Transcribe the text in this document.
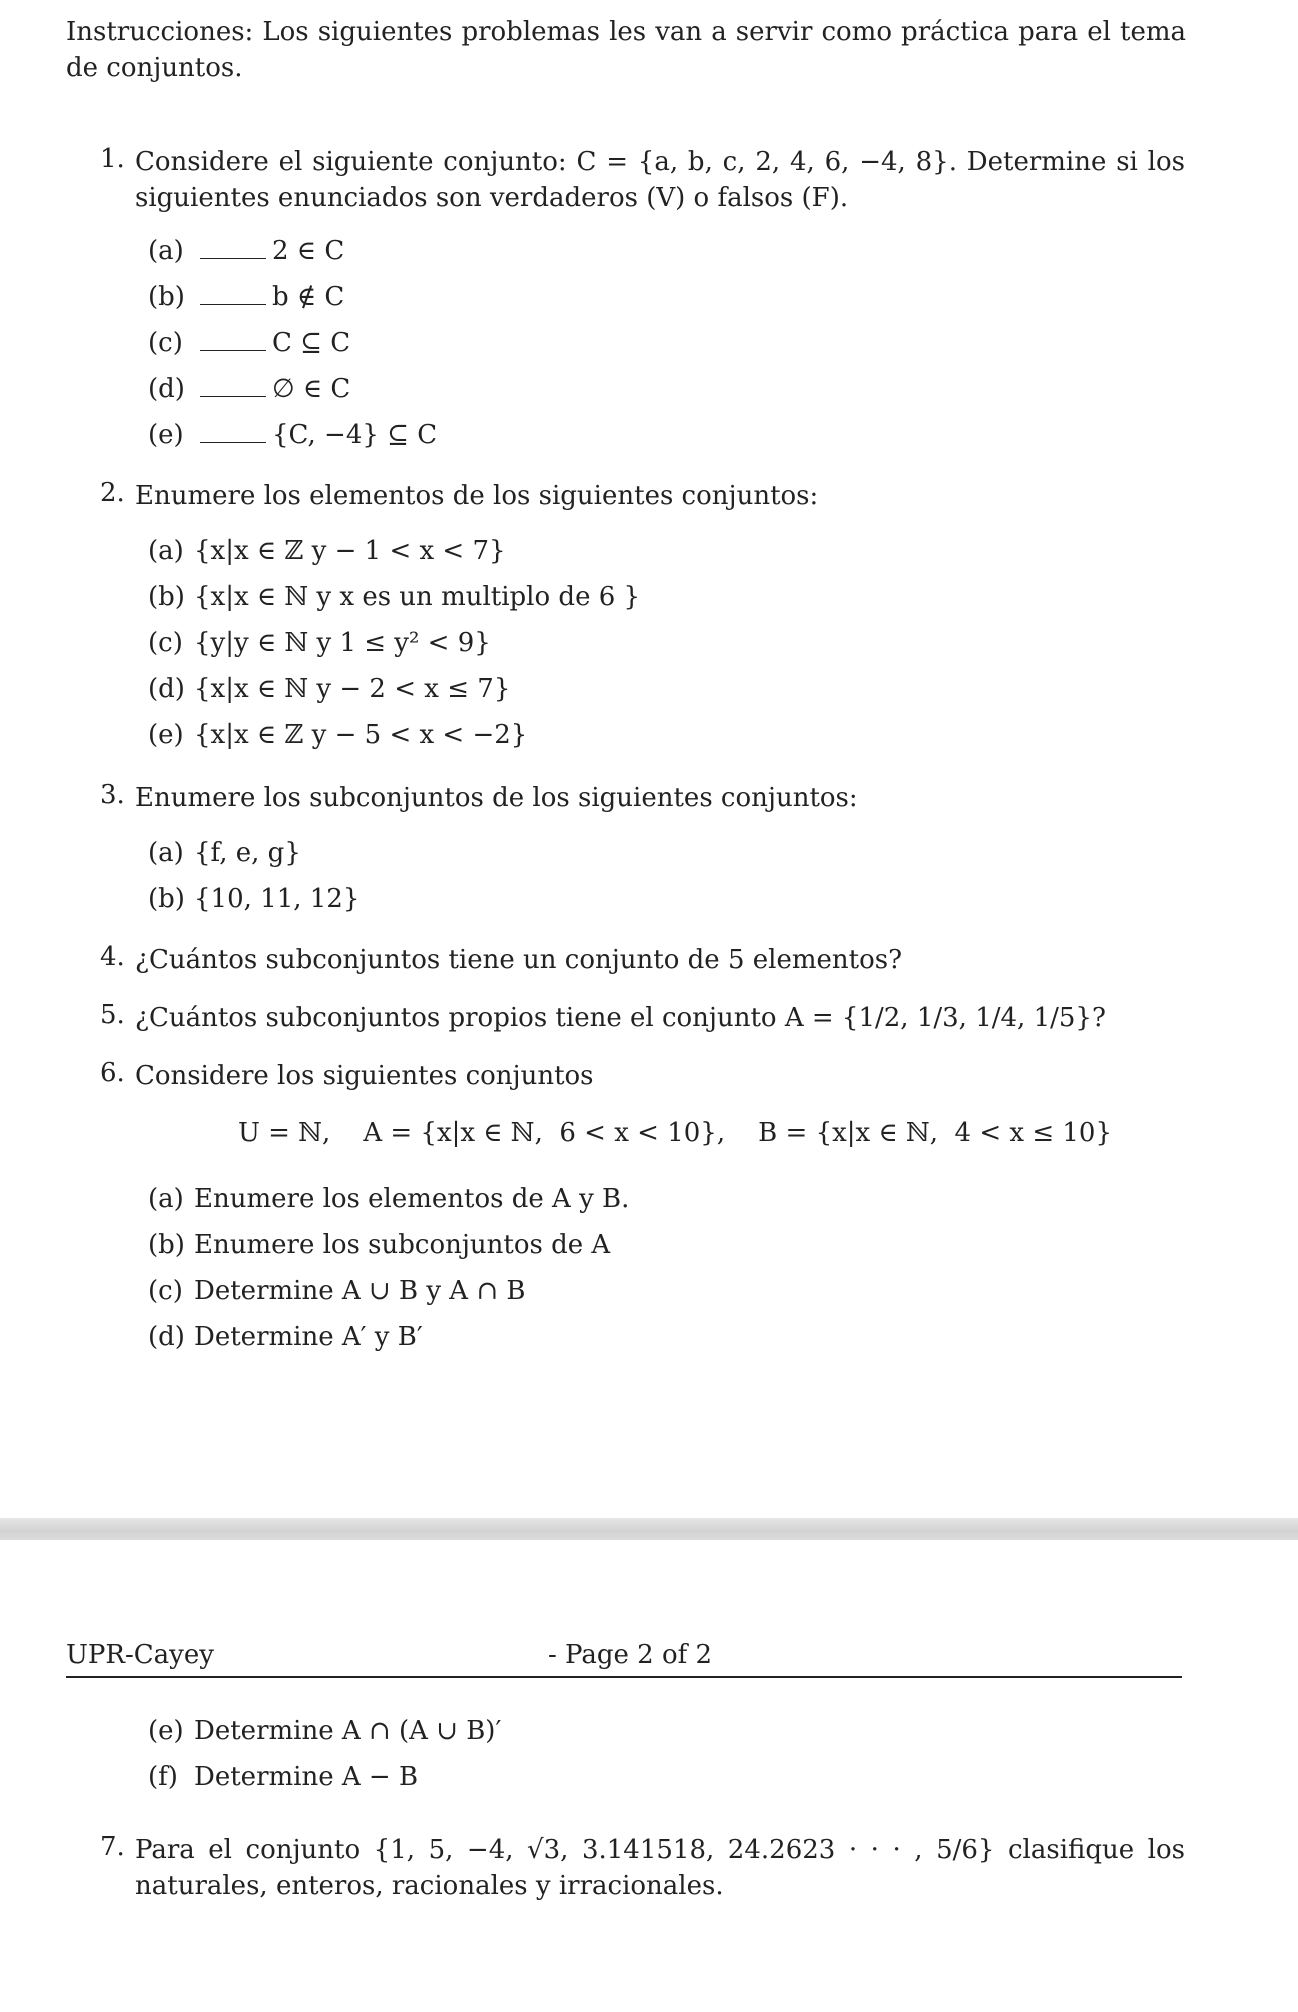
Instrucciones: Los siguientes problemas les van a servir como práctica para el tema de conjuntos.
1. Considere el siguiente conjunto: C = {a, b, c, 2, 4, 6, −4, 8}. Determine si los siguientes enunciados son verdaderos (V) o falsos (F).
(a)	2 ∈ C
(b)	b ∉ C
(c)	C ⊆ C
(d)	∅ ∈ C
(e)	{C, −4} ⊆ C
2. Enumere los elementos de los siguientes conjuntos:
(a) {x|x ∈ ℤ y − 1 < x < 7}
(b) {x|x ∈ ℕ y x es un multiplo de 6 }
(c) {y|y ∈ ℕ y 1 ≤ y² < 9}
(d) {x|x ∈ ℕ y − 2 < x ≤ 7}
(e) {x|x ∈ ℤ y − 5 < x < −2}
3. Enumere los subconjuntos de los siguientes conjuntos:
(a) {f, e, g}
(b) {10, 11, 12}
4. ¿Cuántos subconjuntos tiene un conjunto de 5 elementos?
5. ¿Cuántos subconjuntos propios tiene el conjunto A = {1/2, 1/3, 1/4, 1/5}?
6. Considere los siguientes conjuntos
U = ℕ,    A = {x|x ∈ ℕ,  6 < x < 10},    B = {x|x ∈ ℕ,  4 < x ≤ 10}
(a) Enumere los elementos de A y B.
(b) Enumere los subconjuntos de A
(c) Determine A ∪ B y A ∩ B
(d) Determine A′ y B′
UPR-Cayey	- Page 2 of 2
(e) Determine A ∩ (A ∪ B)′
(f) Determine A − B
7. Para el conjunto {1, 5, −4, √3, 3.141518, 24.2623 · · · , 5/6} clasifique los naturales, enteros, racionales y irracionales.
